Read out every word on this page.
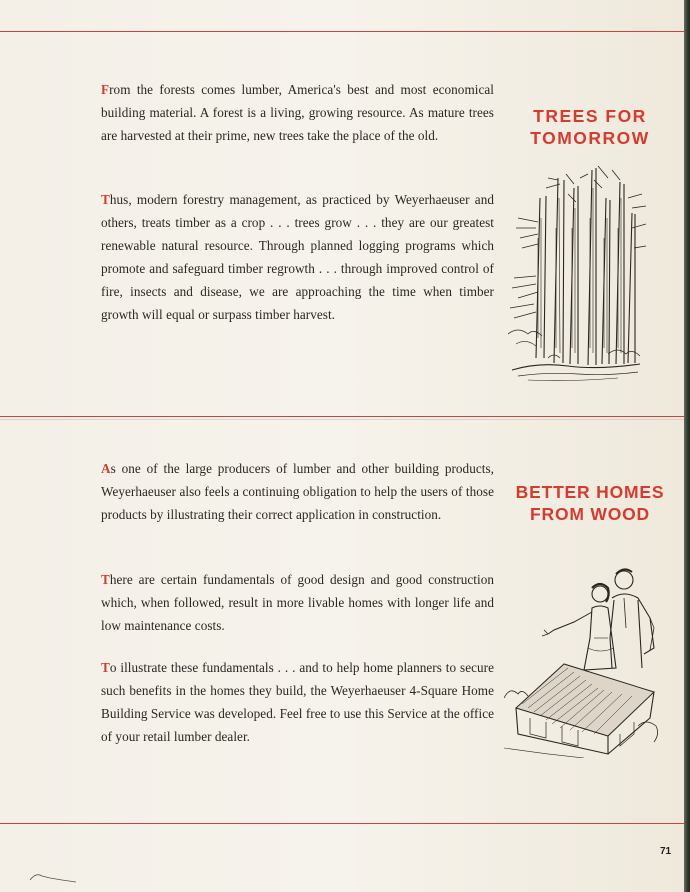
From the forests comes lumber, America's best and most economical building material. A forest is a living, growing resource. As mature trees are harvested at their prime, new trees take the place of the old.

Thus, modern forestry management, as practiced by Weyerhaeuser and others, treats timber as a crop . . . trees grow . . . they are our greatest renewable natural resource. Through planned logging programs which promote and safeguard timber regrowth . . . through improved control of fire, insects and disease, we are approaching the time when timber growth will equal or surpass timber harvest.

TREES FOR
TOMORROW

As one of the large producers of lumber and other building products, Weyerhaeuser also feels a continuing obligation to help the users of those products by illustrating their correct application in construction.

There are certain fundamentals of good design and good construction which, when followed, result in more livable homes with longer life and low maintenance costs.

To illustrate these fundamentals . . . and to help home planners to secure such benefits in the homes they build, the Weyerhaeuser 4-Square Home Building Service was developed. Feel free to use this Service at the office of your retail lumber dealer.

BETTER HOMES
FROM WOOD
71
